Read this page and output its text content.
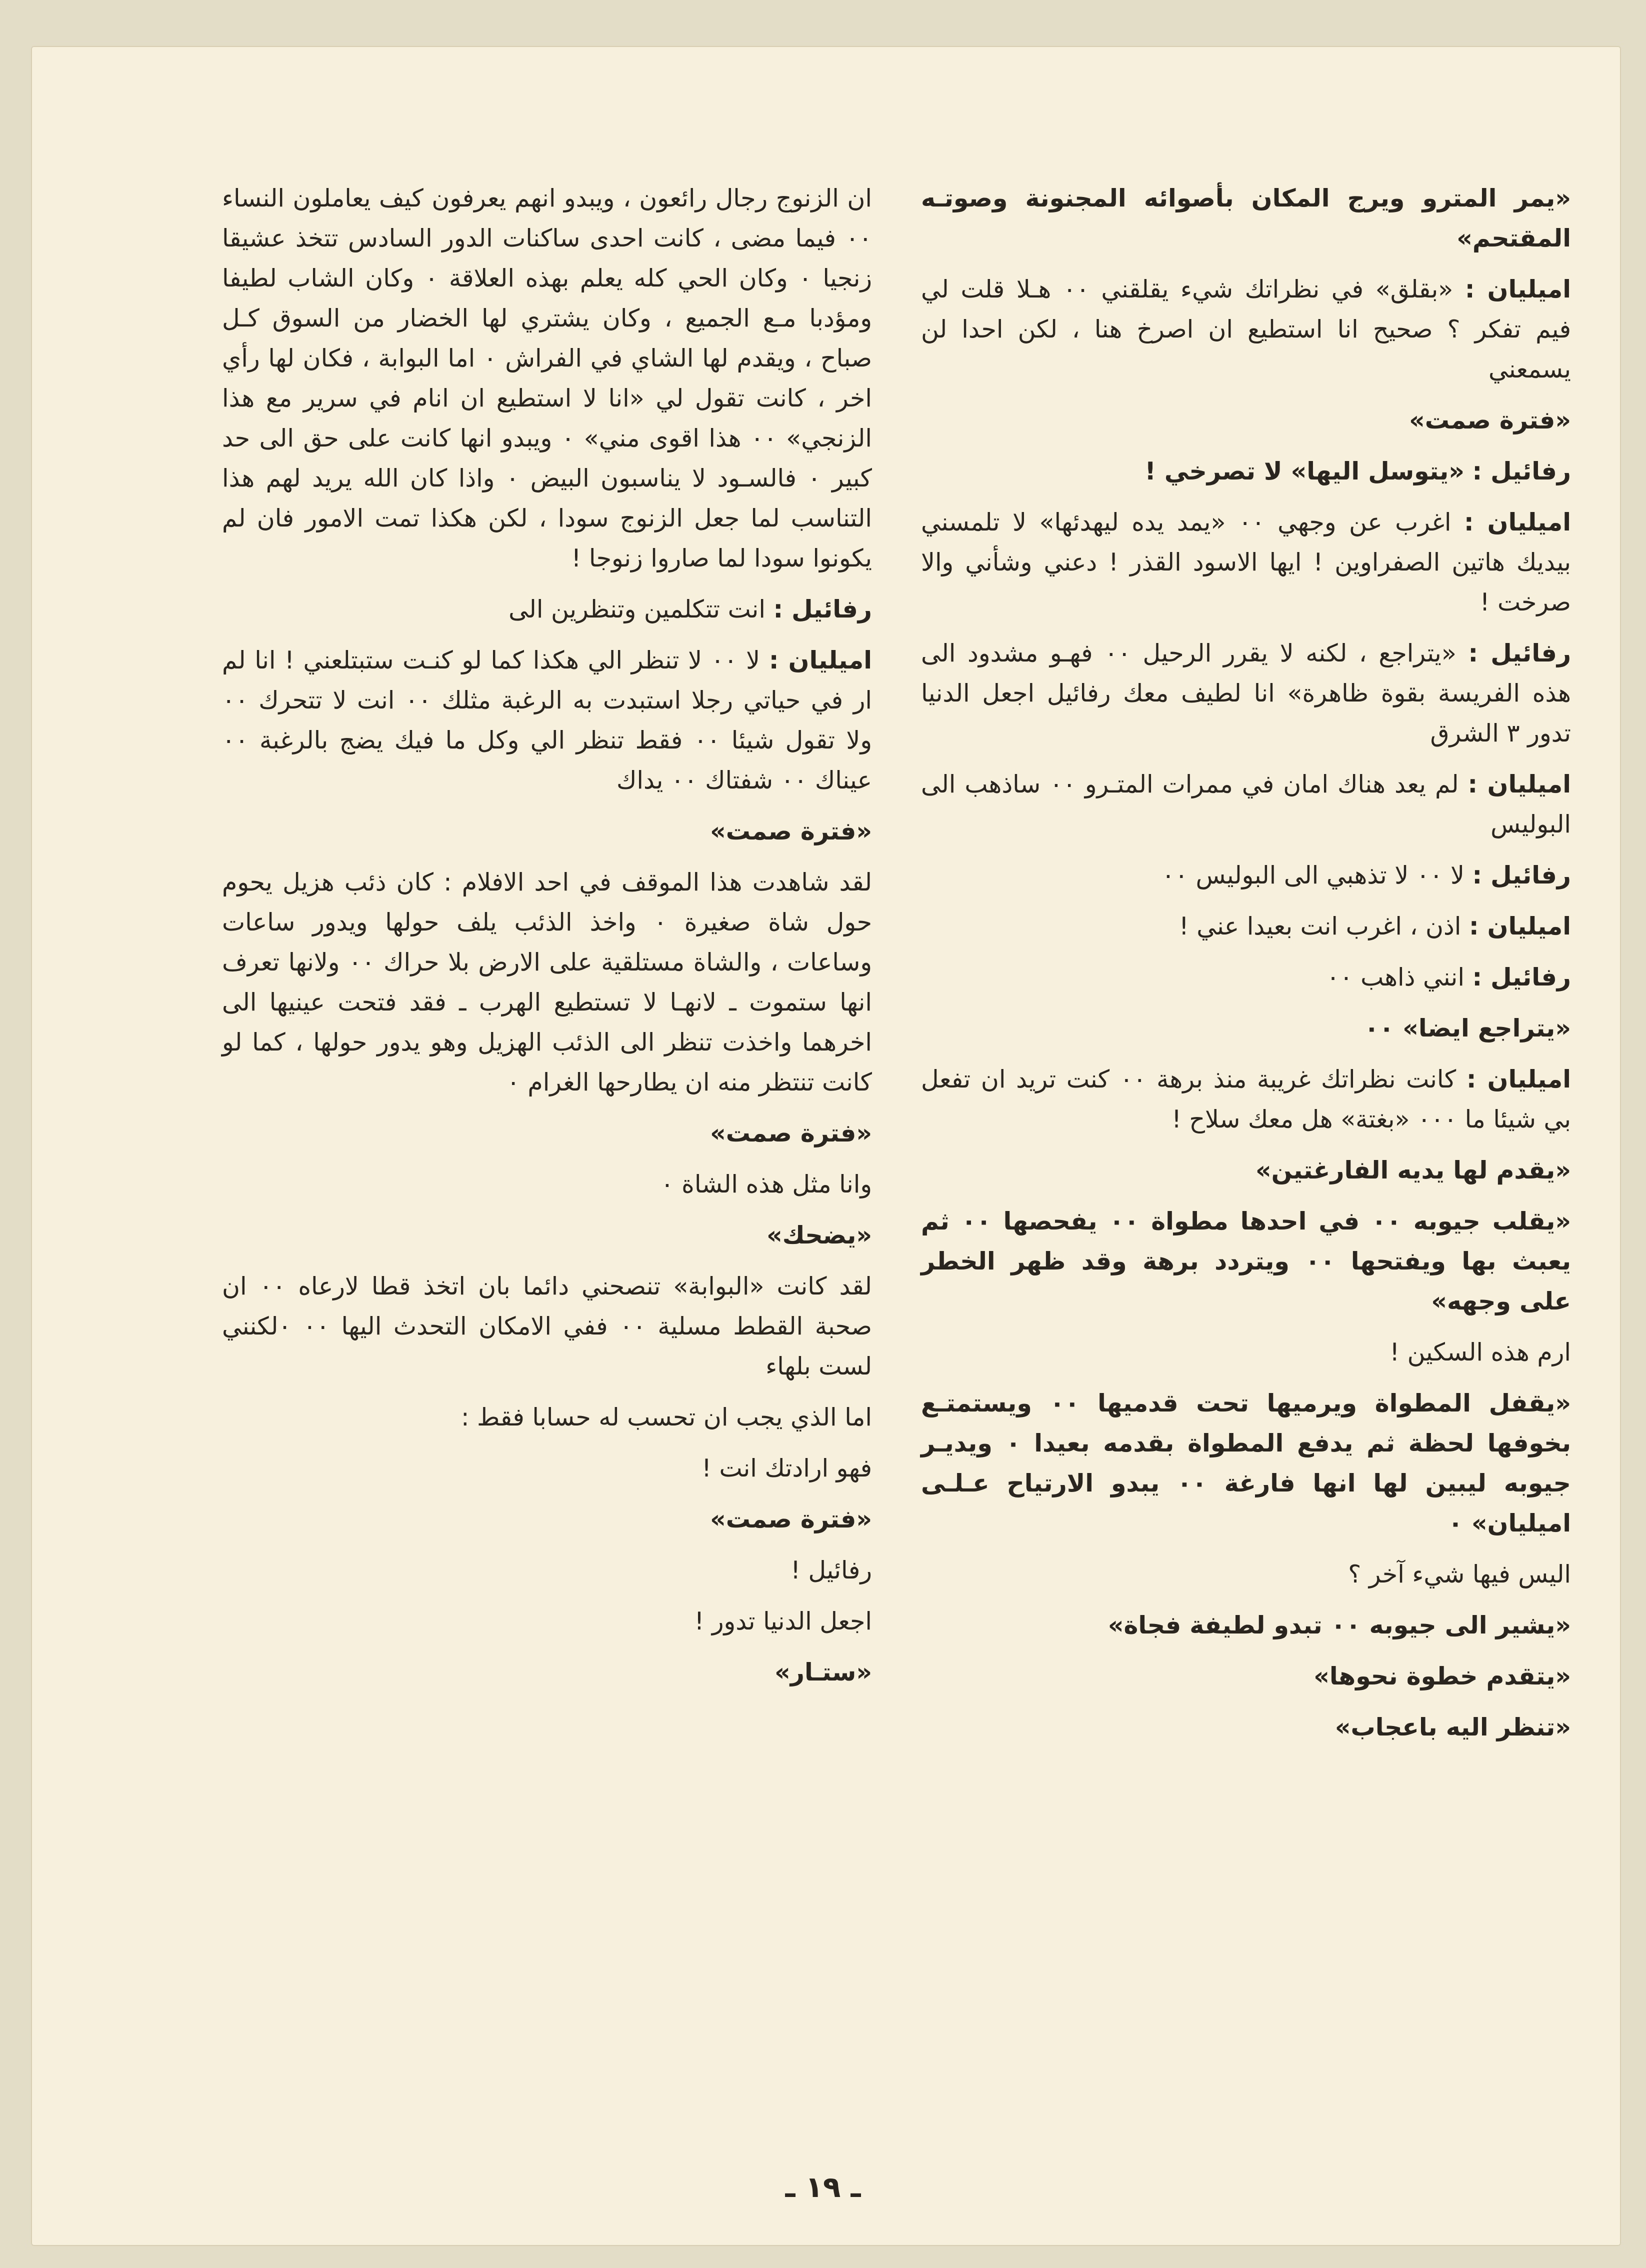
«يمر المترو ويرج المكان بأصوائه المجنونة وصوتـه المقتحم»

اميليان : «بقلق» في نظراتك شيء يقلقني ٠٠ هـلا قلت لي فيم تفكر ؟ صحيح انا استطيع ان اصرخ هنا ، لكن احدا لن يسمعني

«فترة صمت»

رفائيل : «يتوسل اليها» لا تصرخي !

اميليان : اغرب عن وجهي ٠٠ «يمد يده ليهدئها» لا تلمسني بيديك هاتين الصفراوين ! ايها الاسود القذر ! دعني وشأني والا صرخت !

رفائيل : «يتراجع ، لكنه لا يقرر الرحيل ٠٠ فهـو مشدود الى هذه الفريسة بقوة ظاهرة» انا لطيف معك رفائيل اجعل الدنيا تدور ٣ الشرق

اميليان : لم يعد هناك امان في ممرات المتـرو ٠٠ ساذهب الى البوليس

رفائيل : لا ٠٠ لا تذهبي الى البوليس ٠٠

اميليان : اذن ، اغرب انت بعيدا عني !

رفائيل : انني ذاهب ٠٠

«يتراجع ايضا» ٠٠

اميليان : كانت نظراتك غريبة منذ برهة ٠٠ كنت تريد ان تفعل بي شيئا ما ٠٠٠ «بغتة» هل معك سلاح !

«يقدم لها يديه الفارغتين»

«يقلب جيوبه ٠٠ في احدها مطواة ٠٠ يفحصها ٠٠ ثم يعبث بها ويفتحها ٠٠ ويتردد برهة وقد ظهر الخطر على وجهه»

ارم هذه السكين !

«يقفل المطواة ويرميها تحت قدميها ٠٠ ويستمتـع بخوفها لحظة ثم يدفع المطواة بقدمه بعيدا ٠ ويديـر جيوبه ليبين لها انها فارغة ٠٠ يبدو الارتياح عـلـى اميليان» ٠

اليس فيها شيء آخر ؟

«يشير الى جيوبه ٠٠ تبدو لطيفة فجاة»

«يتقدم خطوة نحوها»

«تنظر اليه باعجاب»

ان الزنوج رجال رائعون ، ويبدو انهم يعرفون كيف يعاملون النساء ٠٠ فيما مضى ، كانت احدى ساكنات الدور السادس تتخذ عشيقا زنجيا ٠ وكان الحي كله يعلم بهذه العلاقة ٠ وكان الشاب لطيفا ومؤدبا مـع الجميع ، وكان يشتري لها الخضار من السوق كـل صباح ، ويقدم لها الشاي في الفراش ٠ اما البوابة ، فكان لها رأي اخر ، كانت تقول لي «انا لا استطيع ان انام في سرير مع هذا الزنجي» ٠٠ هذا اقوى مني» ٠ ويبدو انها كانت على حق الى حد كبير ٠ فالسـود لا يناسبون البيض ٠ واذا كان الله يريد لهم هذا التناسب لما جعل الزنوج سودا ، لكن هكذا تمت الامور فان لم يكونوا سودا لما صاروا زنوجا !

رفائيل : انت تتكلمين وتنظرين الى

اميليان : لا ٠٠ لا تنظر الي هكذا كما لو كنـت ستبتلعني ! انا لم ار في حياتي رجلا استبدت به الرغبة مثلك ٠٠ انت لا تتحرك ٠٠ ولا تقول شيئا ٠٠ فقط تنظر الي وكل ما فيك يضج بالرغبة ٠٠ عيناك ٠٠ شفتاك ٠٠ يداك

«فترة صمت»

لقد شاهدت هذا الموقف في احد الافلام : كان ذئب هزيل يحوم حول شاة صغيرة ٠ واخذ الذئب يلف حولها ويدور ساعات وساعات ، والشاة مستلقية على الارض بلا حراك ٠٠ ولانها تعرف انها ستموت ـ لانهـا لا تستطيع الهرب ـ فقد فتحت عينيها الى اخرهما واخذت تنظر الى الذئب الهزيل وهو يدور حولها ، كما لو كانت تنتظر منه ان يطارحها الغرام ٠

«فترة صمت»

وانا مثل هذه الشاة ٠

«يضحك»

لقد كانت «البوابة» تنصحني دائما بان اتخذ قطا لارعاه ٠٠ ان صحبة القطط مسلية ٠٠ ففي الامكان التحدث اليها ٠٠ ٠لكنني لست بلهاء

اما الذي يجب ان تحسب له حسابا فقط :

فهو ارادتك انت !

«فترة صمت»

رفائيل !

اجعل الدنيا تدور !

«ستـار»

ـ ١٩ ـ
